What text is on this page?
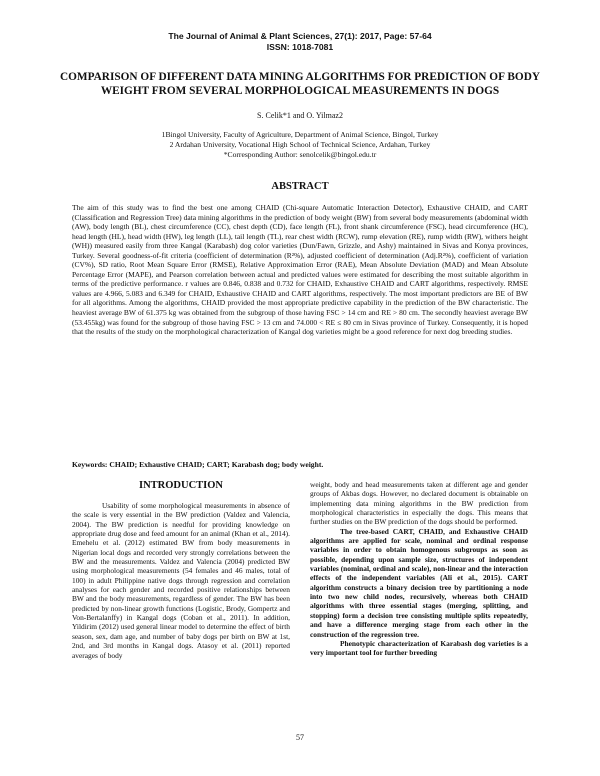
The Journal of Animal & Plant Sciences, 27(1): 2017, Page: 57-64
ISSN: 1018-7081
COMPARISON OF DIFFERENT DATA MINING ALGORITHMS FOR PREDICTION OF BODY WEIGHT FROM SEVERAL MORPHOLOGICAL MEASUREMENTS IN DOGS
S. Celik*1 and O. Yilmaz2
1Bingol University, Faculty of Agriculture, Department of Animal Science, Bingol, Turkey
2 Ardahan University, Vocational High School of Technical Science, Ardahan, Turkey
*Corresponding Author: senolcelik@bingol.edu.tr
ABSTRACT

The aim of this study was to find the best one among CHAID (Chi-square Automatic Interaction Detector), Exhaustive CHAID, and CART (Classification and Regression Tree) data mining algorithms in the prediction of body weight (BW) from several body measurements (abdominal width (AW), body length (BL), chest circumference (CC), chest depth (CD), face length (FL), front shank circumference (FSC), head circumference (HC), head length (HL), head width (HW), leg length (LL), tail length (TL), rear chest width (RCW), rump elevation (RE), rump width (RW), withers height (WH)) measured easily from three Kangal (Karabash) dog color varieties (Dun/Fawn, Grizzle, and Ashy) maintained in Sivas and Konya provinces, Turkey. Several goodness-of-fit criteria (coefficient of determination (R²%), adjusted coefficient of determination (Adj.R²%), coefficient of variation (CV%), SD ratio, Root Mean Square Error (RMSE), Relative Approximation Error (RAE), Mean Absolute Deviation (MAD) and Mean Absolute Percentage Error (MAPE), and Pearson correlation between actual and predicted values were estimated for describing the most suitable algorithm in terms of the predictive performance. r values are 0.846, 0.838 and 0.732 for CHAID, Exhaustive CHAID and CART algorithms, respectively. RMSE values are 4.966, 5.083 and 6.349 for CHAID, Exhaustive CHAID and CART algorithms, respectively. The most important predictors are BE of BW for all algorithms. Among the algorithms, CHAID provided the most appropriate predictive capability in the prediction of the BW characteristic. The heaviest average BW of 61.375 kg was obtained from the subgroup of those having FSC > 14 cm and RE > 80 cm. The secondly heaviest average BW (53.455kg) was found for the subgroup of those having FSC > 13 cm and 74.000 < RE ≤ 80 cm in Sivas province of Turkey. Consequently, it is hoped that the results of the study on the morphological characterization of Kangal dog varieties might be a good reference for next dog breeding studies.

Keywords: CHAID; Exhaustive CHAID; CART; Karabash dog; body weight.

INTRODUCTION

Usability of some morphological measurements in absence of the scale is very essential in the BW prediction (Valdez and Valencia, 2004). The BW prediction is needful for providing knowledge on appropriate drug dose and feed amount for an animal (Khan et al., 2014). Emehelu et al. (2012) estimated BW from body measurements in Nigerian local dogs and recorded very strongly correlations between the BW and the measurements. Valdez and Valencia (2004) predicted BW using morphological measurements (54 females and 46 males, total of 100) in adult Philippine native dogs through regression and correlation analyses for each gender and recorded positive relationships between BW and the body measurements, regardless of gender. The BW has been predicted by non-linear growth functions (Logistic, Brody, Gompertz and Von-Bertalanffy) in Kangal dogs (Coban et al., 2011). In addition, Yildirim (2012) used general linear model to determine the effect of birth season, sex, dam age, and number of baby dogs per birth on BW at 1st, 2nd, and 3rd months in Kangal dogs. Atasoy et al. (2011) reported averages of body

weight, body and head measurements taken at different age and gender groups of Akbas dogs. However, no declared document is obtainable on implementing data mining algorithms in the BW prediction from morphological characteristics in especially the dogs. This means that further studies on the BW prediction of the dogs should be performed.

The tree-based CART, CHAID, and Exhaustive CHAID algorithms are applied for scale, nominal and ordinal response variables in order to obtain homogenous subgroups as soon as possible, depending upon sample size, structures of independent variables (nominal, ordinal and scale), non-linear and the interaction effects of the independent variables (Ali et al., 2015). CART algorithm constructs a binary decision tree by partitioning a node into two new child nodes, recursively, whereas both CHAID algorithms with three essential stages (merging, splitting, and stopping) form a decision tree consisting multiple splits repeatedly, and have a difference merging stage from each other in the construction of the regression tree.

Phenotypic characterization of Karabash dog varieties is a very important tool for further breeding

57
